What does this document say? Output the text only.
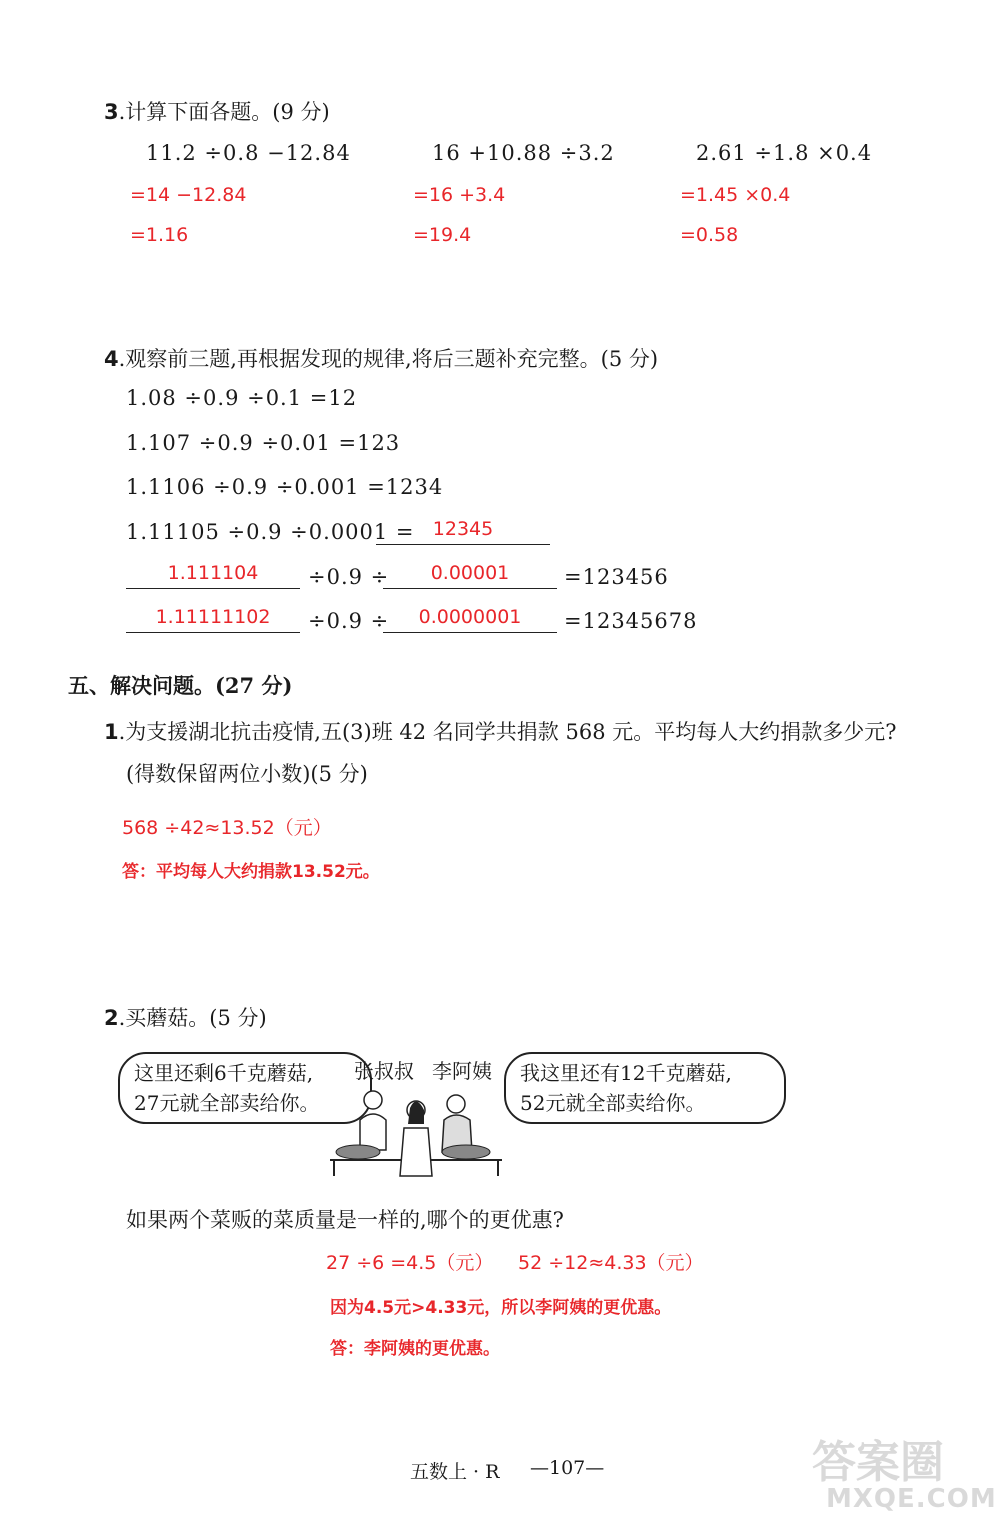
3.计算下面各题。(9 分)
11.2 ÷0.8 −12.84	16 +10.88 ÷3.2	2.61 ÷1.8 ×0.4
=14 −12.84	=16 +3.4	=1.45 ×0.4
=1.16	=19.4	=0.58
4.观察前三题,再根据发现的规律,将后三题补充完整。(5 分)
1.08 ÷0.9 ÷0.1 =12
1.107 ÷0.9 ÷0.01 =123
1.1106 ÷0.9 ÷0.001 =1234
1.11105 ÷0.9 ÷0.0001 = 12345
1.111104	÷0.9 ÷	0.00001	=123456
1.11111102	÷0.9 ÷	0.0000001	=12345678
五、解决问题。(27 分)
1.为支援湖北抗击疫情,五(3)班 42 名同学共捐款 568 元。平均每人大约捐款多少元?
(得数保留两位小数)(5 分)
568 ÷42≈13.52（元）
答：平均每人大约捐款13.52元。
2.买蘑菇。(5 分)
这里还剩6千克蘑菇,
27元就全部卖给你。
张叔叔 李阿姨 我这里还有12千克蘑菇,
52元就全部卖给你。
如果两个菜贩的菜质量是一样的,哪个的更优惠?
27 ÷6 =4.5（元） 52 ÷12≈4.33（元）
因为4.5元>4.33元，所以李阿姨的更优惠。
答：李阿姨的更优惠。
五数上 · R —107—	答案圈
MXQE.COM
